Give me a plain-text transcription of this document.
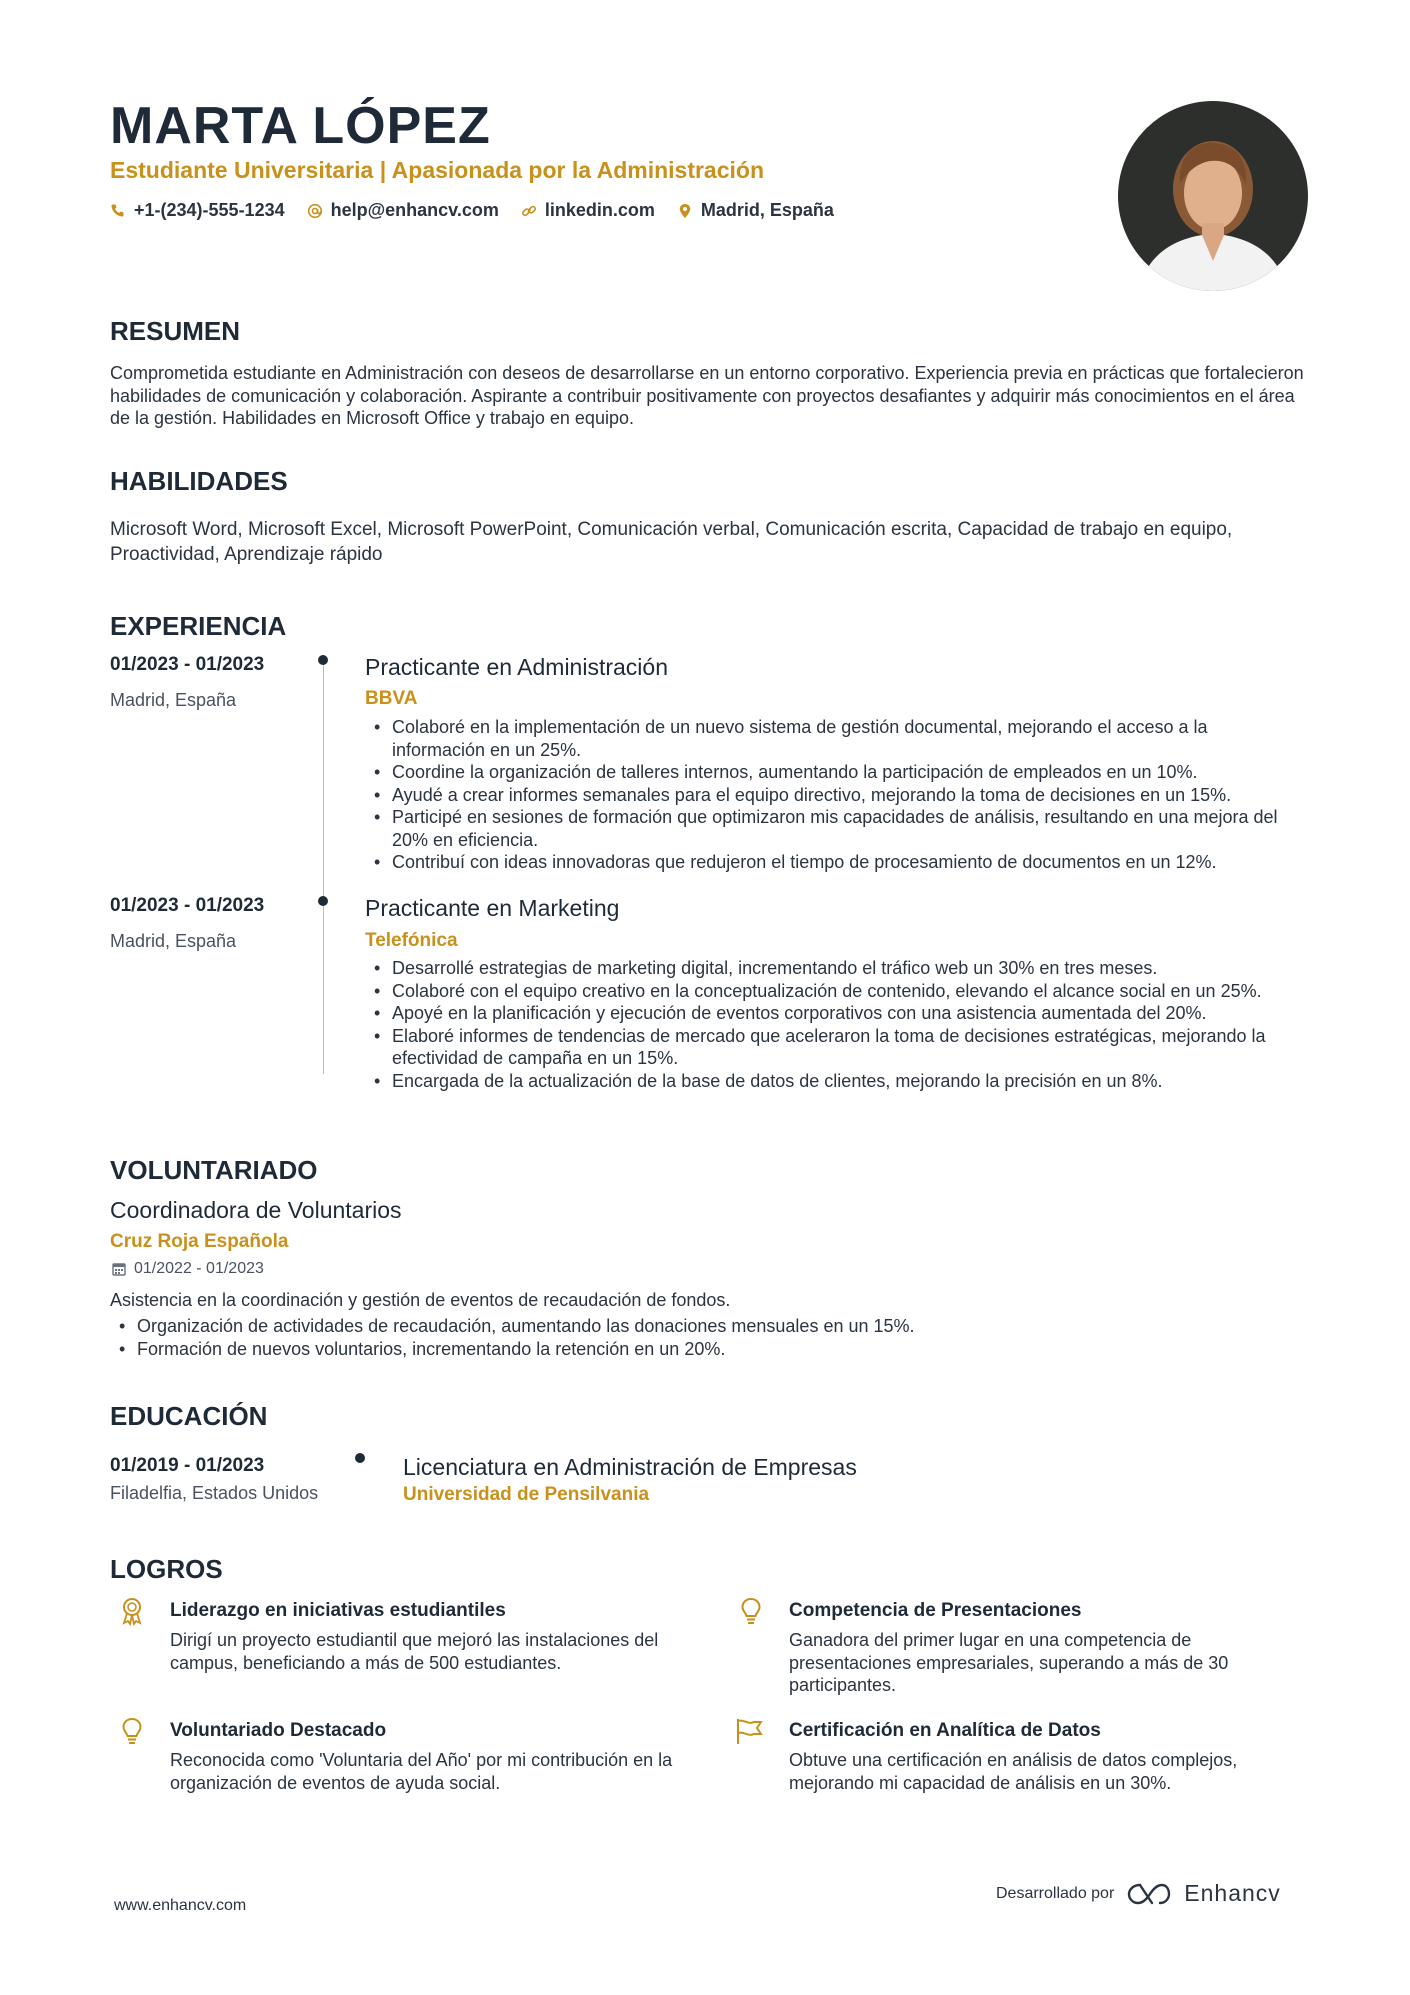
MARTA LÓPEZ
Estudiante Universitaria | Apasionada por la Administración
+1-(234)-555-1234	help@enhancv.com	linkedin.com	Madrid, España
RESUMEN
Comprometida estudiante en Administración con deseos de desarrollarse en un entorno corporativo. Experiencia previa en prácticas que fortalecieron habilidades de comunicación y colaboración. Aspirante a contribuir positivamente con proyectos desafiantes y adquirir más conocimientos en el área de la gestión. Habilidades en Microsoft Office y trabajo en equipo.
HABILIDADES
Microsoft Word, Microsoft Excel, Microsoft PowerPoint, Comunicación verbal, Comunicación escrita, Capacidad de trabajo en equipo, Proactividad, Aprendizaje rápido
EXPERIENCIA
01/2023 - 01/2023
Madrid, España
Practicante en Administración
BBVA
• Colaboré en la implementación de un nuevo sistema de gestión documental, mejorando el acceso a la información en un 25%.
• Coordine la organización de talleres internos, aumentando la participación de empleados en un 10%.
• Ayudé a crear informes semanales para el equipo directivo, mejorando la toma de decisiones en un 15%.
• Participé en sesiones de formación que optimizaron mis capacidades de análisis, resultando en una mejora del 20% en eficiencia.
• Contribuí con ideas innovadoras que redujeron el tiempo de procesamiento de documentos en un 12%.
01/2023 - 01/2023
Madrid, España
Practicante en Marketing
Telefónica
• Desarrollé estrategias de marketing digital, incrementando el tráfico web un 30% en tres meses.
• Colaboré con el equipo creativo en la conceptualización de contenido, elevando el alcance social en un 25%.
• Apoyé en la planificación y ejecución de eventos corporativos con una asistencia aumentada del 20%.
• Elaboré informes de tendencias de mercado que aceleraron la toma de decisiones estratégicas, mejorando la efectividad de campaña en un 15%.
• Encargada de la actualización de la base de datos de clientes, mejorando la precisión en un 8%.
VOLUNTARIADO
Coordinadora de Voluntarios
Cruz Roja Española
01/2022 - 01/2023
Asistencia en la coordinación y gestión de eventos de recaudación de fondos.
• Organización de actividades de recaudación, aumentando las donaciones mensuales en un 15%.
• Formación de nuevos voluntarios, incrementando la retención en un 20%.
EDUCACIÓN
01/2019 - 01/2023
Filadelfia, Estados Unidos
Licenciatura en Administración de Empresas
Universidad de Pensilvania
LOGROS
Liderazgo en iniciativas estudiantiles
Dirigí un proyecto estudiantil que mejoró las instalaciones del campus, beneficiando a más de 500 estudiantes.
Competencia de Presentaciones
Ganadora del primer lugar en una competencia de presentaciones empresariales, superando a más de 30 participantes.
Voluntariado Destacado
Reconocida como 'Voluntaria del Año' por mi contribución en la organización de eventos de ayuda social.
Certificación en Analítica de Datos
Obtuve una certificación en análisis de datos complejos, mejorando mi capacidad de análisis en un 30%.
www.enhancv.com
Desarrollado por	Enhancv
